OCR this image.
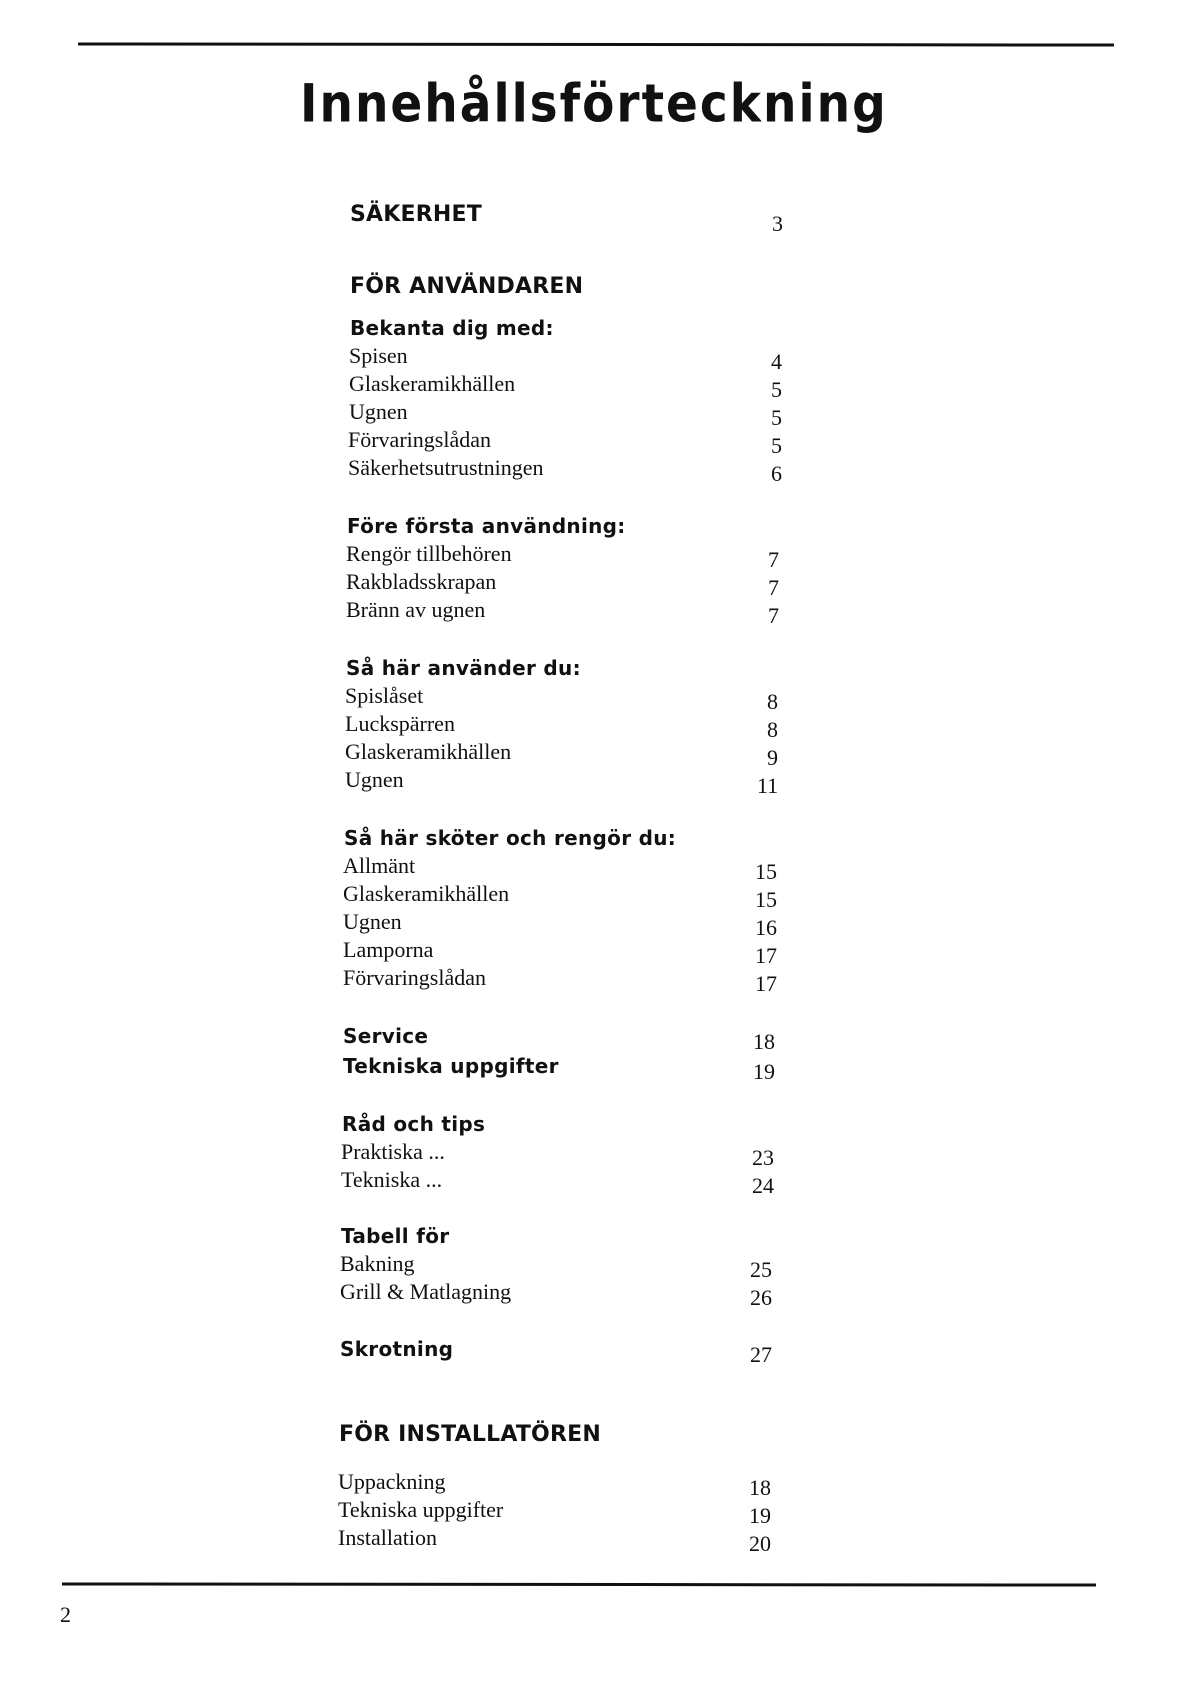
Innehållsförteckning

SÄKERHET	3

FÖR ANVÄNDAREN

Bekanta dig med:

Spisen	4

Glaskeramikhällen	5

Ugnen	5

Förvaringslådan	5

Säkerhetsutrustningen	6

Före första användning:

Rengör tillbehören	7

Rakbladsskrapan	7

Bränn av ugnen	7

Så här använder du:

Spislåset	8

Luckspärren	8

Glaskeramikhällen	9

Ugnen	11

Så här sköter och rengör du:

Allmänt	15

Glaskeramikhällen	15

Ugnen	16

Lamporna	17

Förvaringslådan	17

Service	18

Tekniska uppgifter	19

Råd och tips

Praktiska ...	23

Tekniska ...	24

Tabell för

Bakning	25

Grill & Matlagning	26

Skrotning	27

FÖR INSTALLATÖREN

Uppackning	18

Tekniska uppgifter	19

Installation	20

2
